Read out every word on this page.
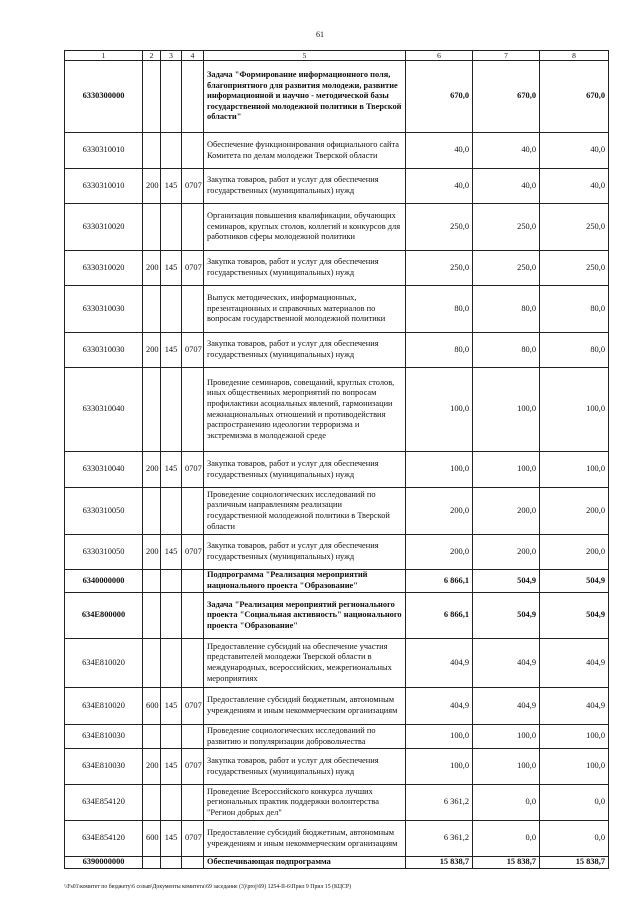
61
1	2	3	4	5	6	7	8
6330300000				Задача "Формирование информационного поля, благоприятного для развития молодежи, развитие информационной и научно - методической базы государственной молодежной политики в Тверской области"	670,0	670,0	670,0
6330310010				Обеспечение функционирования официального сайта Комитета по делам молодежи Тверской области	40,0	40,0	40,0
6330310010	200	145	0707	Закупка товаров, работ и услуг для обеспечения государственных (муниципальных) нужд	40,0	40,0	40,0
6330310020				Организация повышения квалификации, обучающих семинаров, круглых столов, коллегий и конкурсов для работников сферы молодежной политики	250,0	250,0	250,0
6330310020	200	145	0707	Закупка товаров, работ и услуг для обеспечения государственных (муниципальных) нужд	250,0	250,0	250,0
6330310030				Выпуск методических, информационных, презентационных и справочных материалов по вопросам государственной молодежной политики	80,0	80,0	80,0
6330310030	200	145	0707	Закупка товаров, работ и услуг для обеспечения государственных (муниципальных) нужд	80,0	80,0	80,0
6330310040				Проведение семинаров, совещаний, круглых столов, иных общественных мероприятий по вопросам профилактики асоциальных явлений, гармонизации межнациональных отношений и противодействия распространению идеологии терроризма и экстремизма в молодежной среде	100,0	100,0	100,0
6330310040	200	145	0707	Закупка товаров, работ и услуг для обеспечения государственных (муниципальных) нужд	100,0	100,0	100,0
6330310050				Проведение социологических исследований по различным направлениям реализации государственной молодежной политики в Тверской области	200,0	200,0	200,0
6330310050	200	145	0707	Закупка товаров, работ и услуг для обеспечения государственных (муниципальных) нужд	200,0	200,0	200,0
6340000000				Подпрограмма "Реализация мероприятий национального проекта "Образование"	6 866,1	504,9	504,9
634E800000				Задача "Реализация мероприятий регионального проекта "Социальная активность" национального проекта "Образование"	6 866,1	504,9	504,9
634E810020				Предоставление субсидий на обеспечение участия представителей молодежи Тверской области в международных, всероссийских, межрегиональных мероприятиях	404,9	404,9	404,9
634E810020	600	145	0707	Предоставление субсидий бюджетным, автономным учреждениям и иным некоммерческим организациям	404,9	404,9	404,9
634E810030				Проведение социологических исследований по развитию и популяризации добровольчества	100,0	100,0	100,0
634E810030	200	145	0707	Закупка товаров, работ и услуг для обеспечения государственных (муниципальных) нужд	100,0	100,0	100,0
634E854120				Проведение Всероссийского конкурса лучших региональных практик поддержки волонтерства "Регион добрых дел"	6 361,2	0,0	0,0
634E854120	600	145	0707	Предоставление субсидий бюджетным, автономным учреждениям и иным некоммерческим организациям	6 361,2	0,0	0,0
6390000000				Обеспечивающая подпрограмма	15 838,7	15 838,7	15 838,7
\\Fs01\комитет по бюджету\6 созыв\Документы комитета\69 заседание (3)\proj\69) 1254-II-6\Прил 9 Прил 15 (КЦСР)
